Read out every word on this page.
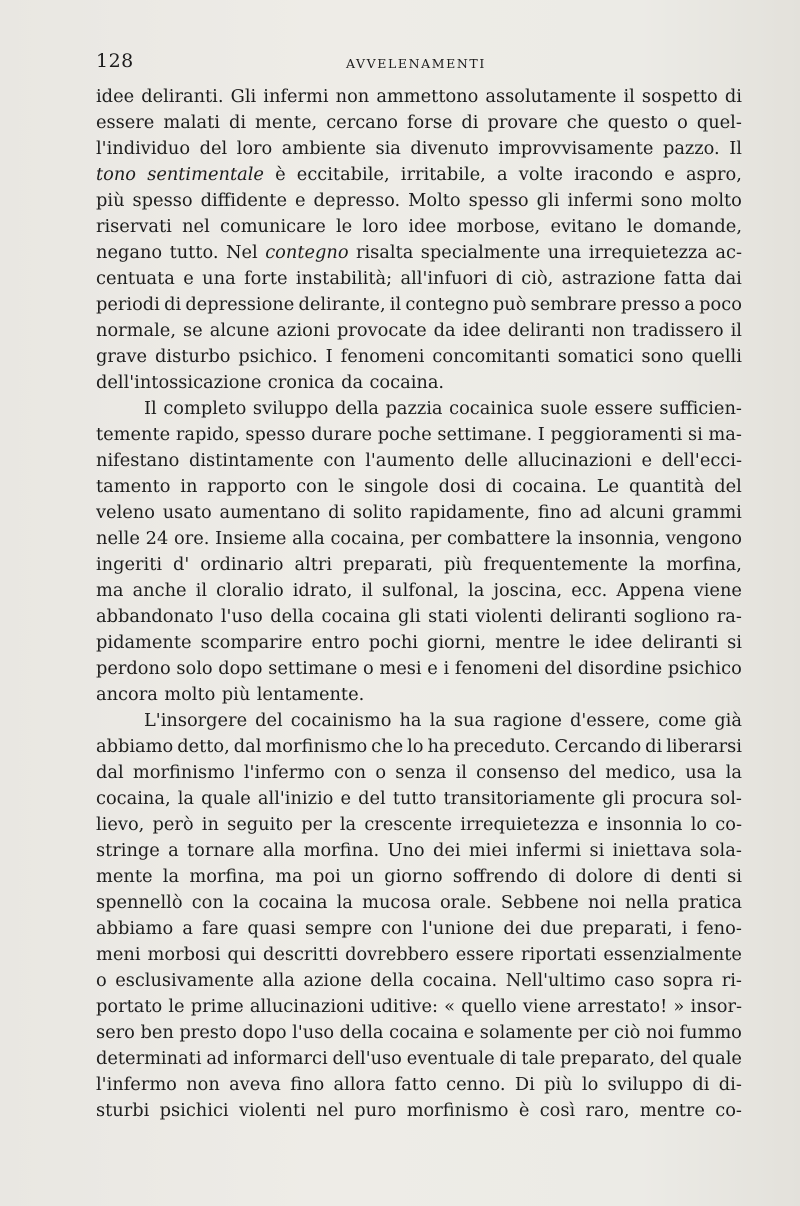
128	AVVELENAMENTI
idee deliranti. Gli infermi non ammettono assolutamente il sospetto di
essere malati di mente, cercano forse di provare che questo o quel-
l'individuo del loro ambiente sia divenuto improvvisamente pazzo. Il
tono sentimentale è eccitabile, irritabile, a volte iracondo e aspro,
più spesso diffidente e depresso. Molto spesso gli infermi sono molto
riservati nel comunicare le loro idee morbose, evitano le domande,
negano tutto. Nel contegno risalta specialmente una irrequietezza ac-
centuata e una forte instabilità; all'infuori di ciò, astrazione fatta dai
periodi di depressione delirante, il contegno può sembrare presso a poco
normale, se alcune azioni provocate da idee deliranti non tradissero il
grave disturbo psichico. I fenomeni concomitanti somatici sono quelli
dell'intossicazione cronica da cocaina.
Il completo sviluppo della pazzia cocainica suole essere sufficien-
temente rapido, spesso durare poche settimane. I peggioramenti si ma-
nifestano distintamente con l'aumento delle allucinazioni e dell'ecci-
tamento in rapporto con le singole dosi di cocaina. Le quantità del
veleno usato aumentano di solito rapidamente, fino ad alcuni grammi
nelle 24 ore. Insieme alla cocaina, per combattere la insonnia, vengono
ingeriti d' ordinario altri preparati, più frequentemente la morfina,
ma anche il cloralio idrato, il sulfonal, la joscina, ecc. Appena viene
abbandonato l'uso della cocaina gli stati violenti deliranti sogliono ra-
pidamente scomparire entro pochi giorni, mentre le idee deliranti si
perdono solo dopo settimane o mesi e i fenomeni del disordine psichico
ancora molto più lentamente.
L'insorgere del cocainismo ha la sua ragione d'essere, come già
abbiamo detto, dal morfinismo che lo ha preceduto. Cercando di liberarsi
dal morfinismo l'infermo con o senza il consenso del medico, usa la
cocaina, la quale all'inizio e del tutto transitoriamente gli procura sol-
lievo, però in seguito per la crescente irrequietezza e insonnia lo co-
stringe a tornare alla morfina. Uno dei miei infermi si iniettava sola-
mente la morfina, ma poi un giorno soffrendo di dolore di denti si
spennellò con la cocaina la mucosa orale. Sebbene noi nella pratica
abbiamo a fare quasi sempre con l'unione dei due preparati, i feno-
meni morbosi qui descritti dovrebbero essere riportati essenzialmente
o esclusivamente alla azione della cocaina. Nell'ultimo caso sopra ri-
portato le prime allucinazioni uditive: « quello viene arrestato! » insor-
sero ben presto dopo l'uso della cocaina e solamente per ciò noi fummo
determinati ad informarci dell'uso eventuale di tale preparato, del quale
l'infermo non aveva fino allora fatto cenno. Di più lo sviluppo di di-
sturbi psichici violenti nel puro morfinismo è così raro, mentre co-
